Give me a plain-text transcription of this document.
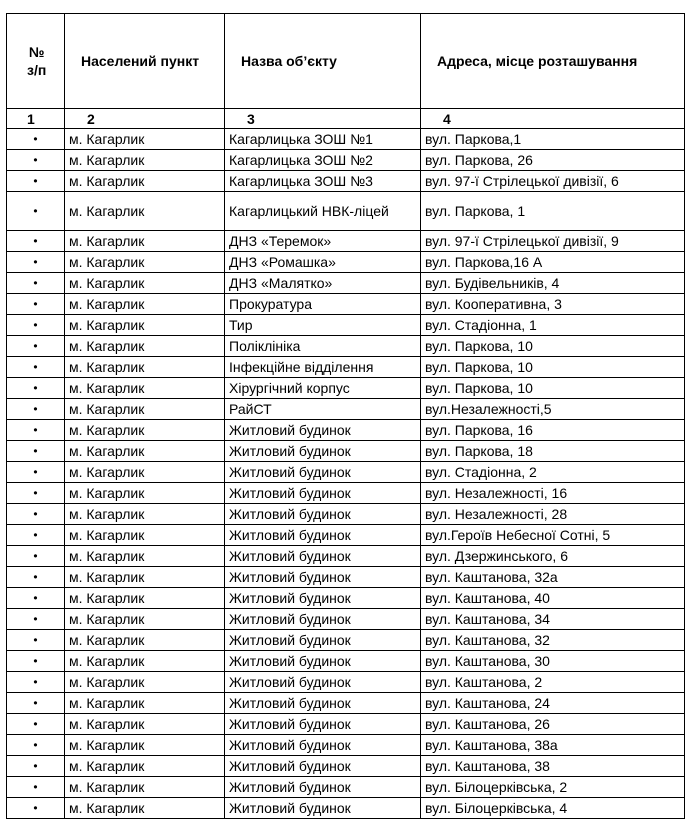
№
з/п	Населений пункт	Назва об’єкту	Адреса, місце розташування
1	2	3	4
•	м. Кагарлик	Кагарлицька ЗОШ №1	вул. Паркова,1
•	м. Кагарлик	Кагарлицька ЗОШ №2	вул. Паркова, 26
•	м. Кагарлик	Кагарлицька ЗОШ №3	вул. 97-ї Стрілецької дивізії, 6
•	м. Кагарлик	Кагарлицький НВК-ліцей	вул. Паркова, 1
•	м. Кагарлик	ДНЗ «Теремок»	вул. 97-ї Стрілецької дивізії, 9
•	м. Кагарлик	ДНЗ «Ромашка»	вул. Паркова,16 А
•	м. Кагарлик	ДНЗ «Малятко»	вул. Будівельників, 4
•	м. Кагарлик	Прокуратура	вул. Кооперативна, 3
•	м. Кагарлик	Тир	вул. Стадіонна, 1
•	м. Кагарлик	Поліклініка	вул. Паркова, 10
•	м. Кагарлик	Інфекційне відділення	вул. Паркова, 10
•	м. Кагарлик	Хірургічний корпус	вул. Паркова, 10
•	м. Кагарлик	РайСТ	вул.Незалежності,5
•	м. Кагарлик	Житловий будинок	вул. Паркова, 16
•	м. Кагарлик	Житловий будинок	вул. Паркова, 18
•	м. Кагарлик	Житловий будинок	вул. Стадіонна, 2
•	м. Кагарлик	Житловий будинок	вул. Незалежності, 16
•	м. Кагарлик	Житловий будинок	вул. Незалежності, 28
•	м. Кагарлик	Житловий будинок	вул.Героїв Небесної Сотні, 5
•	м. Кагарлик	Житловий будинок	вул. Дзержинського, 6
•	м. Кагарлик	Житловий будинок	вул. Каштанова, 32а
•	м. Кагарлик	Житловий будинок	вул. Каштанова, 40
•	м. Кагарлик	Житловий будинок	вул. Каштанова, 34
•	м. Кагарлик	Житловий будинок	вул. Каштанова, 32
•	м. Кагарлик	Житловий будинок	вул. Каштанова, 30
•	м. Кагарлик	Житловий будинок	вул. Каштанова, 2
•	м. Кагарлик	Житловий будинок	вул. Каштанова, 24
•	м. Кагарлик	Житловий будинок	вул. Каштанова, 26
•	м. Кагарлик	Житловий будинок	вул. Каштанова, 38а
•	м. Кагарлик	Житловий будинок	вул. Каштанова, 38
•	м. Кагарлик	Житловий будинок	вул. Білоцерківська, 2
•	м. Кагарлик	Житловий будинок	вул. Білоцерківська, 4
